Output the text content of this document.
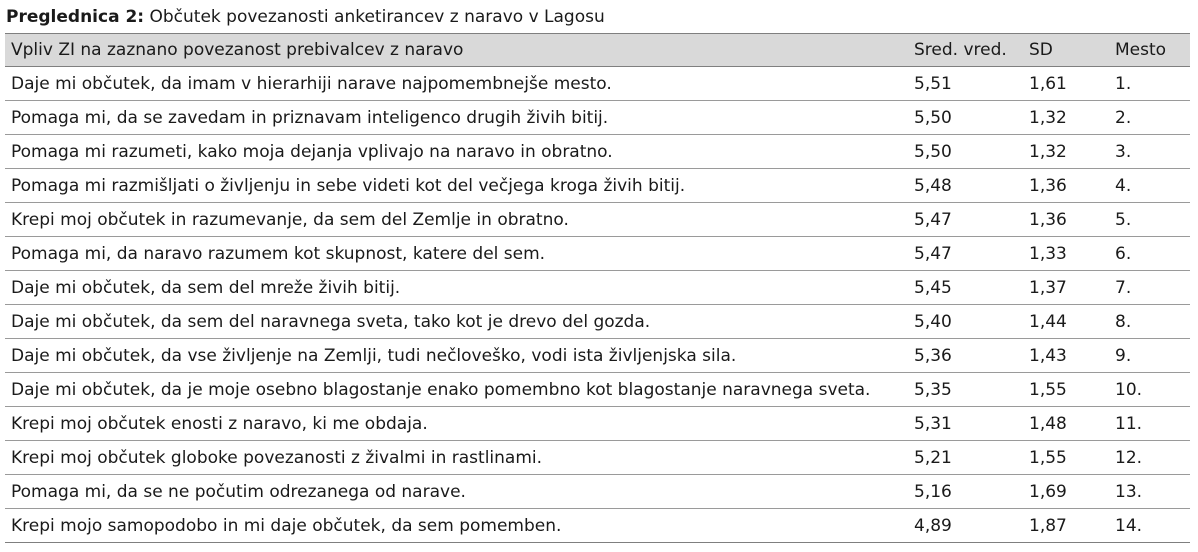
Preglednica 2: Občutek povezanosti anketirancev z naravo v Lagosu
Vpliv ZI na zaznano povezanost prebivalcev z naravo	Sred. vred.	SD	Mesto
Daje mi občutek, da imam v hierarhiji narave najpomembnejše mesto.	5,51	1,61	1.
Pomaga mi, da se zavedam in priznavam inteligenco drugih živih bitij.	5,50	1,32	2.
Pomaga mi razumeti, kako moja dejanja vplivajo na naravo in obratno.	5,50	1,32	3.
Pomaga mi razmišljati o življenju in sebe videti kot del večjega kroga živih bitij.	5,48	1,36	4.
Krepi moj občutek in razumevanje, da sem del Zemlje in obratno.	5,47	1,36	5.
Pomaga mi, da naravo razumem kot skupnost, katere del sem.	5,47	1,33	6.
Daje mi občutek, da sem del mreže živih bitij.	5,45	1,37	7.
Daje mi občutek, da sem del naravnega sveta, tako kot je drevo del gozda.	5,40	1,44	8.
Daje mi občutek, da vse življenje na Zemlji, tudi nečloveško, vodi ista življenjska sila.	5,36	1,43	9.
Daje mi občutek, da je moje osebno blagostanje enako pomembno kot blagostanje naravnega sveta.	5,35	1,55	10.
Krepi moj občutek enosti z naravo, ki me obdaja.	5,31	1,48	11.
Krepi moj občutek globoke povezanosti z živalmi in rastlinami.	5,21	1,55	12.
Pomaga mi, da se ne počutim odrezanega od narave.	5,16	1,69	13.
Krepi mojo samopodobo in mi daje občutek, da sem pomemben.	4,89	1,87	14.
